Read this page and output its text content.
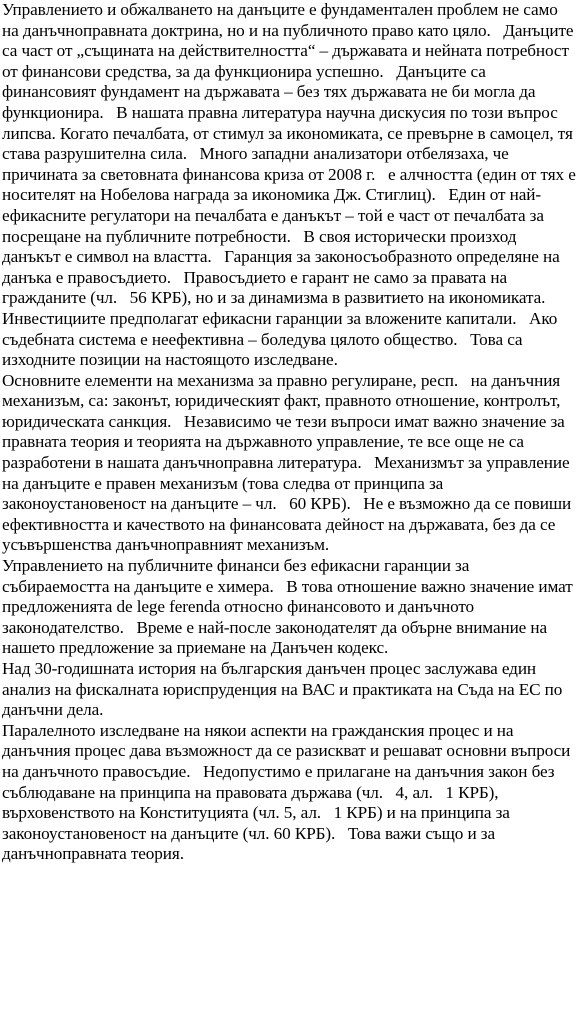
Управлението и обжалването на данъците е фундаментален проблем не само на данъчноправната доктрина, но и на публичното право като цяло.   Данъците са част от „същината на действителността“ – държавата и нейната потребност от финансови средства, за да функционира успешно.   Данъците са финансовият фундамент на държавата – без тях държавата не би могла да функционира.   В нашата правна литература научна дискусия по този въпрос липсва. Когато печалбата, от стимул за икономиката, се превърне в самоцел, тя става разрушителна сила.   Много западни анализатори отбелязаха, че причината за световната финансова криза от 2008 г.   е алчността (един от тях е носителят на Нобелова награда за икономика Дж. Стиглиц).   Един от най-ефикасните регулатори на печалбата е данъкът – той е част от печалбата за посрещане на публичните потребности.   В своя исторически произход данъкът е символ на властта.   Гаранция за законосъобразното определяне на данъка е правосъдието.   Правосъдието е гарант не само за правата на гражданите (чл.   56 КРБ), но и за динамизма в развитието на икономиката.   Инвестициите предполагат ефикасни гаранции за вложените капитали.   Ако съдебната система е неефективна – боледува цялото общество.   Това са изходните позиции на настоящото изследване.

Основните елементи на механизма за правно регулиране, респ.   на данъчния механизъм, са: законът, юридическият факт, правното отношение, контролът, юридическата санкция.   Независимо че тези въпроси имат важно значение за правната теория и теорията на държавното управление, те все още не са разработени в нашата данъчноправна литература.   Механизмът за управление на данъците е правен механизъм (това следва от принципа за законоустановеност на данъците – чл.   60 КРБ).   Не е възможно да се повиши ефективността и качеството на финансовата дейност на държавата, без да се усъвършенства данъчноправният механизъм.

Управлението на публичните финанси без ефикасни гаранции за събираемостта на данъците е химера.   В това отношение важно значение имат предложенията de lege ferenda относно финансовото и данъчното законодателство.   Време е най-после законодателят да обърне внимание на нашето предложение за приемане на Данъчен кодекс.

Над 30-годишната история на българския данъчен процес заслужава един анализ на фискалната юриспруденция на ВАС и практиката на Съда на ЕС по данъчни дела.

Паралелното изследване на някои аспекти на гражданския процес и на данъчния процес дава възможност да се разискват и решават основни въпроси на данъчното правосъдие.   Недопустимо е прилагане на данъчния закон без съблюдаване на принципа на правовата държава (чл.   4, ал.   1 КРБ), върховенството на Конституцията (чл. 5, ал.   1 КРБ) и на принципа за законоустановеност на данъците (чл. 60 КРБ).   Това важи също и за данъчноправната теория.
